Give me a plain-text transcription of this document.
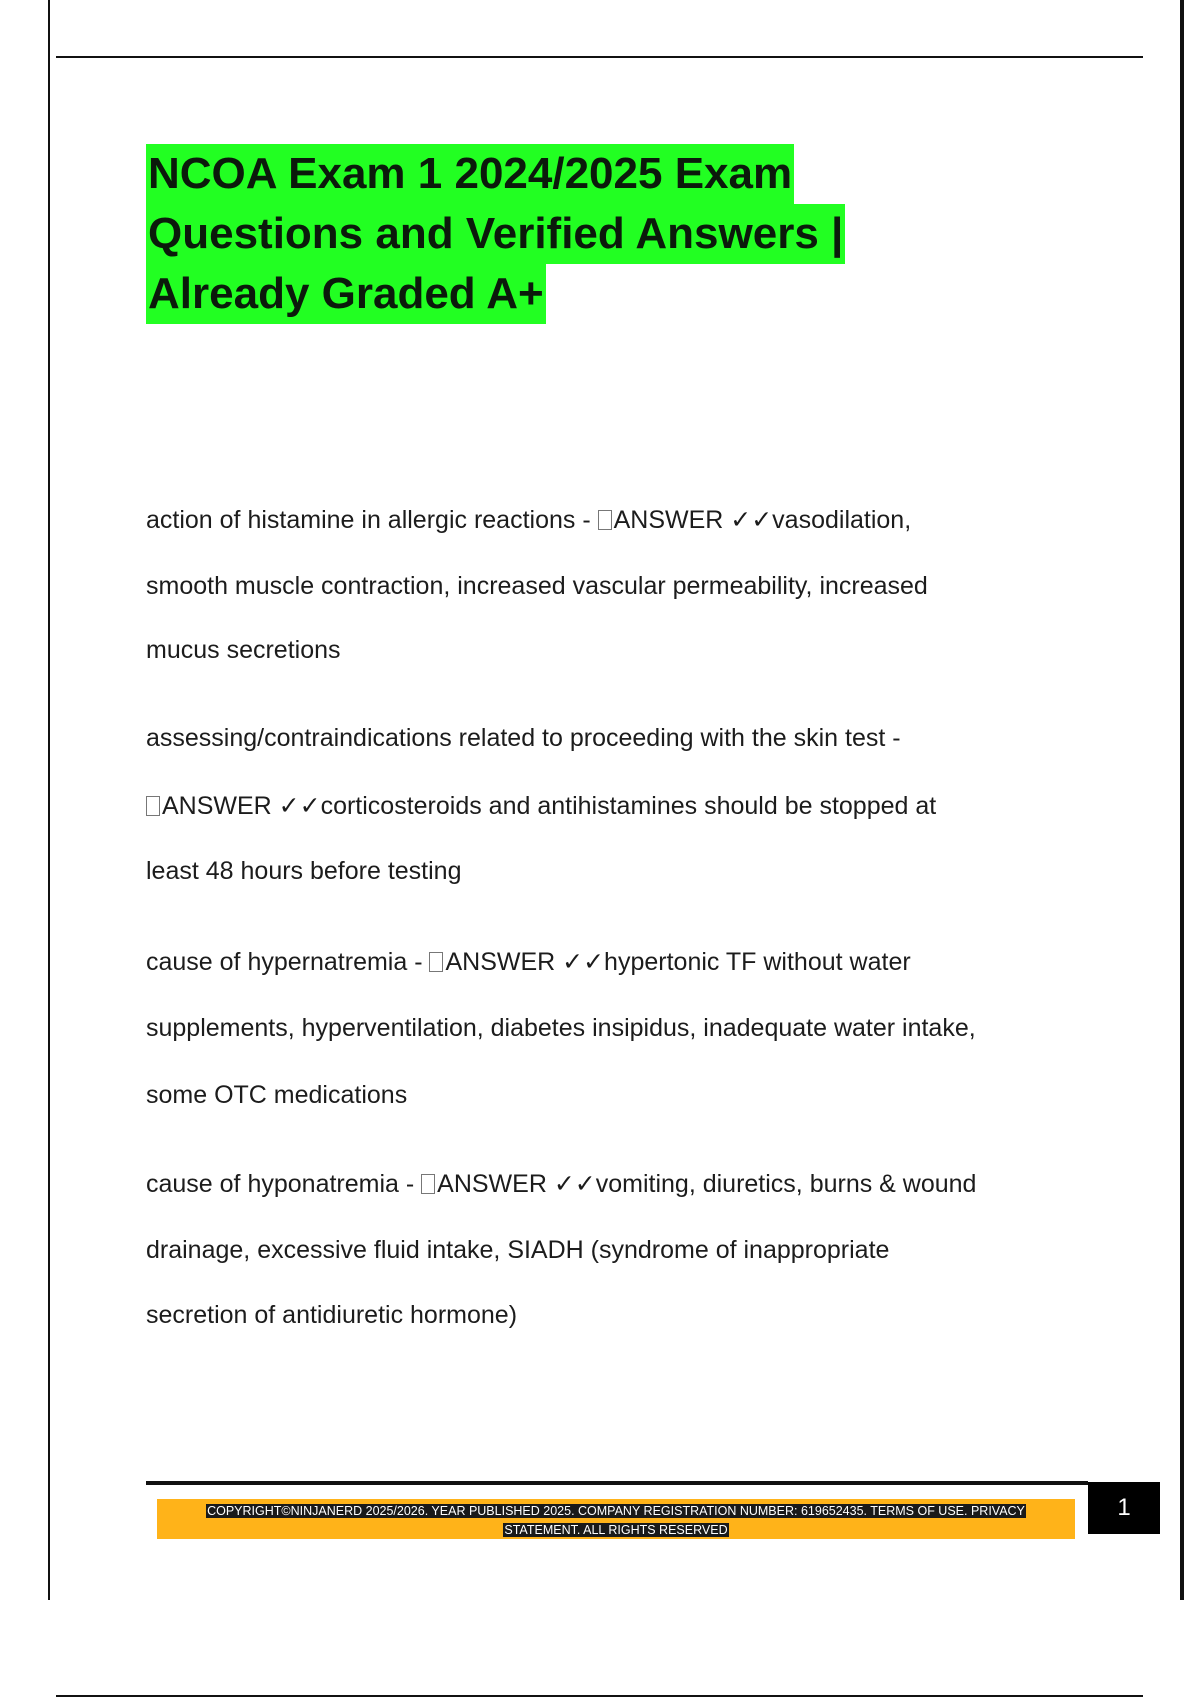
NCOA Exam 1 2024/2025 Exam
Questions and Verified Answers |
Already Graded A+
action of histamine in allergic reactions - ANSWER ✓✓vasodilation,
smooth muscle contraction, increased vascular permeability, increased
mucus secretions
assessing/contraindications related to proceeding with the skin test -
ANSWER ✓✓corticosteroids and antihistamines should be stopped at
least 48 hours before testing
cause of hypernatremia - ANSWER ✓✓hypertonic TF without water
supplements, hyperventilation, diabetes insipidus, inadequate water intake,
some OTC medications
cause of hyponatremia - ANSWER ✓✓vomiting, diuretics, burns & wound
drainage, excessive fluid intake, SIADH (syndrome of inappropriate
secretion of antidiuretic hormone)
COPYRIGHT©NINJANERD 2025/2026. YEAR PUBLISHED 2025. COMPANY REGISTRATION NUMBER: 619652435. TERMS OF USE. PRIVACY
STATEMENT. ALL RIGHTS RESERVED
1
